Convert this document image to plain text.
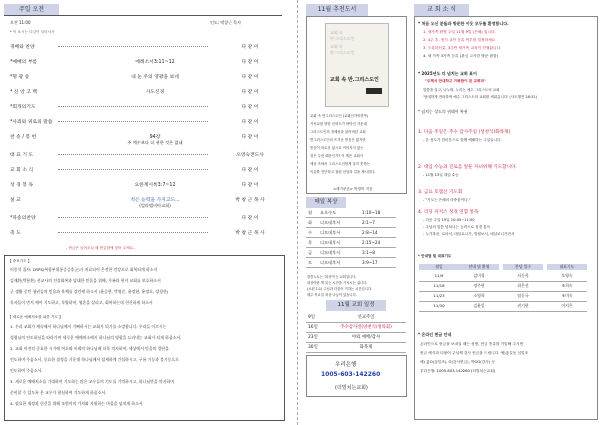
주일 오전
오전 11:00	인도: 박창근 목사
* 이 표시는 다같이 일어서서
경배와 찬양	다 같 이
*예배의 부름	예레소서3:11~12	다 같 이
*명 광 송	내 눈 주의 영광을 보네	다 같 이
* 신 앙 고 백	사도신경	다 같 이
*회개의기도	다 같 이
*사죄와 위로의 말씀	다 같 이
찬 송 / 봉 헌	94장
주 예수보다 더 귀한 것은 없네
다 같 이
대 표 기 도	오영숙전도사
교 회 소 식	다 같 이
성 경 봉 독	요한계시록3:7~12	다 같 이
설 교	적은 능력을 가지고도...
(빌라델비아교회)
박 창 근 목 사
*파송의찬양	다 같 이
축 도	박 창 근 목 사
- 헌금은 들어오실 때 헌금함에 넣어 주세요 -
【 중보기도 】
이종석 집사: CRPS(복합부위통증증후군)가 치료되어 온전한 건강으로 회복되게 하소서
김재환(박용환) 선교사의 건강회복과 당대한 믿음을 위해, 가족과 현지 교회를 보호하소서
군 생활 중인 청년들의 믿음과 육체를 강건케 하소서 (윤승현, 박영준, 윤정현, 윤정호, 장경헌)
목자들이 먼저 깨어 기도하고, 목양하며, 영혼을 살리고, 회복하는데 헌신하게 하소서
【 새로운 예배처소를 위한 기도 】
1. 우리 교회가 계속해서 하나님께서 기뻐하시는 교회가 되기를 소망합니다. 우리들 이끄시는
성령님의 인도하심을 따라가며 새로운 예배처소에서 하나님의 영광을 드러내는 교회가 되게 하옵소서.
2. 교회 이전의 중요한 시기에 여호와 이레의 하나님께 더욱 의지하며, 세상에서 믿음의 결단을
인도하며 주옵소서. 중요한 결정을 기운데 하나님께서 섬세하게 간섭하시고, 구름 기둥과 불기둥으로
인도하여 주옵소서.
3. 새로운 예배처소를 기대하며 기도하는 많은 교우들의 기도를 기억하시고, 하나님만을 의지하며
준비할 수 있도록 온 교우가 합심하여 기도하게 하옵소서.
4. 필요한 재정과 헌신을 위해 모범이의 가치와 자원하는 마음을 넘치게 하소서
11월 추천도서
교회 속
반·그리스도인
교회 속
반·그리스도인
교회 속 반.그리스도인
교회 속 반그리스도인 (교회인가이한목)
기독교를 향한 신뢰도가 바닥인 가운데
그리스도인의 정체성을 잃어버린 교회
반그리스도인의 뜨거운 믿음은 많지만
믿음이 의로운 삶으로 이어지지 않는
것은 무엇 때문인가? 이 책은 교회가
세상 속에서 그리스도인답게 살지 못하는
이유를 진단하고 참된 신앙의 길을 제시한다.
<세기쿠폰> 박경미 지음
매일 복상
월 요오수도	1:10~18
화 디모데후서	2:1~7
수 디모데후서	2:8~14
목 디모데후서	2:15~24
금 디모데후서	3:1~8
토 디모데후서	3:9~17
말씀노트는 '복상'이는 교회입니다.
복상이란 책 읽는 시간을 가지시는 겁니다.
(시편 1:1) 주님과 더불어 거하는 시간입니다.
매주 목요일 복상 나눔이 있습니다.
11월 교회 일정
9일	선교주일
16일	추수감사절(양천식/청목회)
23일	야외 예배/감사
30일	화목제
우리은행
1005-603-142260
(더빌치는교회)
교 회 소 식
* 처음 오신 분들과 방문한 이웃 모두를 환영합니다.
1. 새가족 환영 주일 11월 9일 (은혜) 입니다.
2. 4주 후, 정식 교인 등록 여부를 결정하세요
3. 등록하신분, 3주안 새가족 교육이 진행됩니다.
4. 새 가족 3가족 등록 (관심 고사한 방문 원함)
* 2025년도 더 넘치는 교회 표어
"주께서 만대하고 거룩함이 된 교회라"
말씀을 살고, 나누며, 누리는 예수 그리스도의 교회
'담대하게 전파하며 예수 그리스도의 교회를 세워갑니다' (사도행전 28:31)
* 넘치는 성도의 귀래어 복권
1. 다음 주일은 추수 감사주일 (성찬식/화목제)
2. 대입 수능과 진로를 앞둔 자녀위해 기도합니다.
3. 금요 호랩산 기도회
4. 리딩 지저스 성경 연합 통독
- 온 성도가 한마음으로 함께 예배하는 주일입니다.
- 11월 13일 대입 수능
- "기도는 은혜의 마중물이다."
- 다음 주일 19일 10:45~11:00
- 주님의 말씀 넘쳐나는 능력으로 성경 통독
- 누가복음, 로마서, 데살로니가, 빌립보서, 데살로니가전서
* 안내팀 및 대표기도
월일	안내 및 환영	본당 입구	대표기도
11/9	김미경	서동희	오영숙
11/16	정주현	하은선	조희숙
11/23	소영희	임동국	조미숙
11/30	김윤일	권기현	이지은
* 온라인 헌금 안내
온라인으로 헌금을 보내실 때는 성명, 헌금 종류를 기입해 주시면
헌금 예식과 더불어 주님께 감사 헌금을 드립니다. 예)홍길동 십일조
예) 홍O(십일조), O(감사헌금), 박OO(감사) 등
우리은행: 1005-603-142260 (더빌치는교회)
